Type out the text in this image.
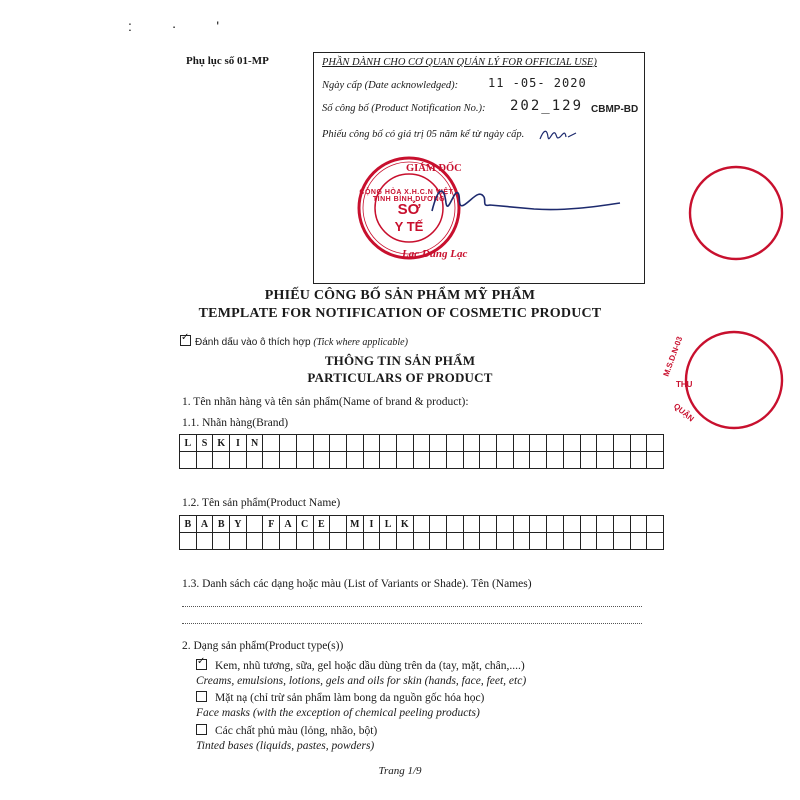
: · '
Phụ lục số 01-MP	PHẦN DÀNH CHO CƠ QUAN QUẢN LÝ FOR OFFICIAL USE)
Ngày cấp (Date acknowledged): 11 -05- 2020
Số công bố (Product Notification No.): 202_129 CBMP-BD
Phiếu công bố có giá trị 05 năm kể từ ngày cấp.
CỘNG HÒA X.H.C.N VIỆT · TỈNH BÌNH DƯƠNG
SỞ
Y TẾ
GIÁM ĐỐC
Lạc Dung Lạc
M.S.D.N-03
THU
QUẬN
PHIẾU CÔNG BỐ SẢN PHẨM MỸ PHẨM
TEMPLATE FOR NOTIFICATION OF COSMETIC PRODUCT
✓Đánh dấu vào ô thích hợp (Tick where applicable)
THÔNG TIN SẢN PHẨM
PARTICULARS OF PRODUCT
1. Tên nhãn hàng và tên sản phẩm(Name of brand & product):
1.1. Nhãn hàng(Brand)
L	S	K	I	N																								

1.2. Tên sản phẩm(Product Name)
B	A	B	Y		F	A	C	E		M	I	L	K															

1.3. Danh sách các dạng hoặc màu (List of Variants or Shade). Tên (Names)
2. Dạng sản phẩm(Product type(s))
✓Kem, nhũ tương, sữa, gel hoặc dầu dùng trên da (tay, mặt, chân,....)
Creams, emulsions, lotions, gels and oils for skin (hands, face, feet, etc)
Mặt nạ (chỉ trừ sản phẩm làm bong da nguồn gốc hóa học)
Face masks (with the exception of chemical peeling products)
Các chất phủ màu (lỏng, nhão, bột)
Tinted bases (liquids, pastes, powders)
Trang 1/9
